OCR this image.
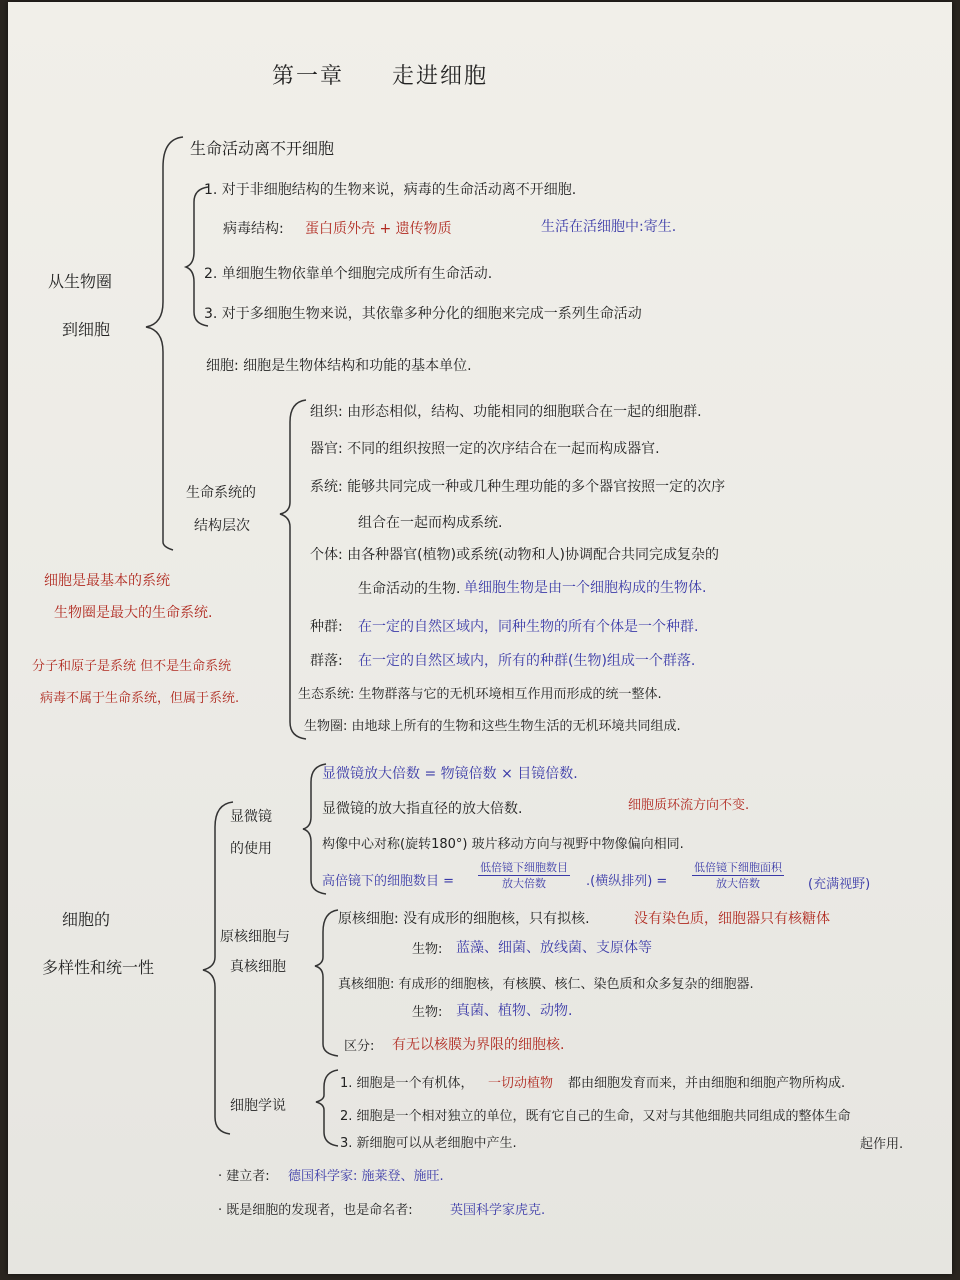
第一章　　走进细胞
从生物圈
到细胞
生命活动离不开细胞
1. 对于非细胞结构的生物来说，病毒的生命活动离不开细胞.
病毒结构: 蛋白质外壳 + 遗传物质	生活在活细胞中:寄生.
2. 单细胞生物依靠单个细胞完成所有生命活动.
3. 对于多细胞生物来说，其依靠多种分化的细胞来完成一系列生命活动
细胞: 细胞是生物体结构和功能的基本单位.
生命系统的
结构层次
组织: 由形态相似，结构、功能相同的细胞联合在一起的细胞群.
器官: 不同的组织按照一定的次序结合在一起而构成器官.
系统: 能够共同完成一种或几种生理功能的多个器官按照一定的次序
组合在一起而构成系统.
个体: 由各种器官(植物)或系统(动物和人)协调配合共同完成复杂的
生命活动的生物. 单细胞生物是由一个细胞构成的生物体.
种群: 在一定的自然区域内，同种生物的所有个体是一个种群.
群落: 在一定的自然区域内，所有的种群(生物)组成一个群落.
生态系统: 生物群落与它的无机环境相互作用而形成的统一整体.
生物圈: 由地球上所有的生物和这些生物生活的无机环境共同组成.
细胞是最基本的系统
生物圈是最大的生命系统.
分子和原子是系统 但不是生命系统
病毒不属于生命系统，但属于系统.
细胞的
多样性和统一性
显微镜
的使用
显微镜放大倍数 = 物镜倍数 × 目镜倍数.
显微镜的放大指直径的放大倍数.	细胞质环流方向不变.
构像中心对称(旋转180°) 玻片移动方向与视野中物像偏向相同.
高倍镜下的细胞数目 =
低倍镜下细胞数目
放大倍数	.(横纵排列) =
低倍镜下细胞面积
放大倍数	(充满视野)
原核细胞与
真核细胞
原核细胞: 没有成形的细胞核，只有拟核.	没有染色质，细胞器只有核糖体
生物: 蓝藻、细菌、放线菌、支原体等
真核细胞: 有成形的细胞核，有核膜、核仁、染色质和众多复杂的细胞器.
生物: 真菌、植物、动物.
区分: 有无以核膜为界限的细胞核.
细胞学说
1. 细胞是一个有机体， 一切动植物 都由细胞发育而来，并由细胞和细胞产物所构成.
2. 细胞是一个相对独立的单位，既有它自己的生命，又对与其他细胞共同组成的整体生命
起作用.
3. 新细胞可以从老细胞中产生.
· 建立者: 德国科学家: 施莱登、施旺.
· 既是细胞的发现者，也是命名者:	英国科学家虎克.
